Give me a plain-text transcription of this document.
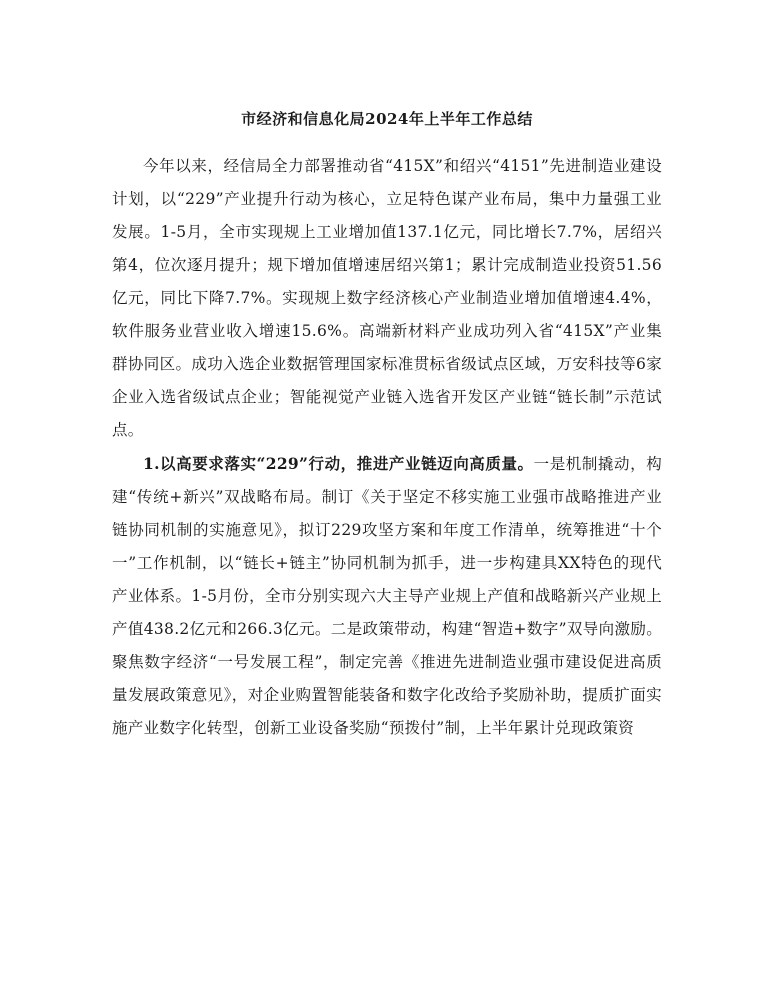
市经济和信息化局2024年上半年工作总结

今年以来，经信局全力部署推动省“415X”和绍兴“4151”先进制造业建设计划，以“229”产业提升行动为核心，立足特色谋产业布局，集中力量强工业发展。1-5月，全市实现规上工业增加值137.1亿元，同比增长7.7%，居绍兴第4，位次逐月提升；规下增加值增速居绍兴第1；累计完成制造业投资51.56亿元，同比下降7.7%。实现规上数字经济核心产业制造业增加值增速4.4%，软件服务业营业收入增速15.6%。高端新材料产业成功列入省“415X”产业集群协同区。成功入选企业数据管理国家标准贯标省级试点区域，万安科技等6家企业入选省级试点企业；智能视觉产业链入选省开发区产业链“链长制”示范试点。

1.以高要求落实“229”行动，推进产业链迈向高质量。一是机制撬动，构建“传统+新兴”双战略布局。制订《关于坚定不移实施工业强市战略推进产业链协同机制的实施意见》，拟订229攻坚方案和年度工作清单，统筹推进“十个一”工作机制，以“链长+链主”协同机制为抓手，进一步构建具XX特色的现代产业体系。1-5月份，全市分别实现六大主导产业规上产值和战略新兴产业规上产值438.2亿元和266.3亿元。二是政策带动，构建“智造+数字”双导向激励。聚焦数字经济“一号发展工程”，制定完善《推进先进制造业强市建设促进高质量发展政策意见》，对企业购置智能装备和数字化改给予奖励补助，提质扩面实施产业数字化转型，创新工业设备奖励“预拨付”制，上半年累计兑现政策资
